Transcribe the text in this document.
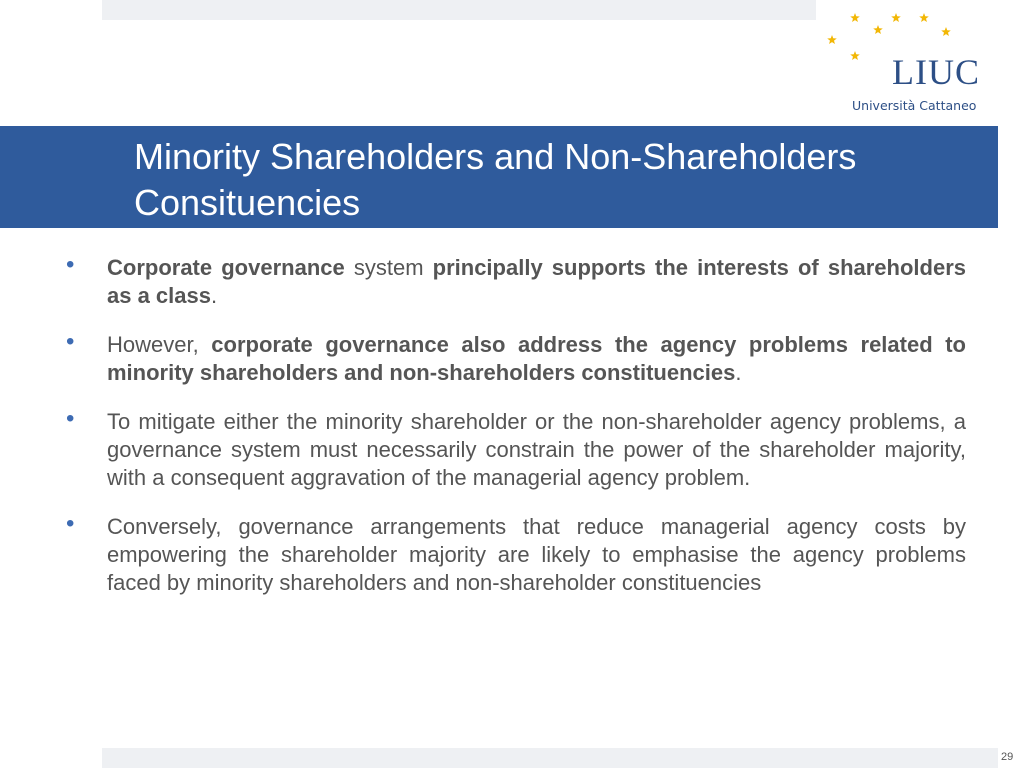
LIUC

Università Cattaneo

Minority Shareholders and Non-Shareholders
Consituencies
• Corporate governance system principally supports the interests of shareholders as a class.
• However, corporate governance also address the agency problems related to minority shareholders and non-shareholders constituencies.
• To mitigate either the minority shareholder or the non-shareholder agency problems, a governance system must necessarily constrain the power of the shareholder majority, with a consequent aggravation of the managerial agency problem.
• Conversely, governance arrangements that reduce managerial agency costs by empowering the shareholder majority are likely to emphasise the agency problems faced by minority shareholders and non-shareholder constituencies

29
